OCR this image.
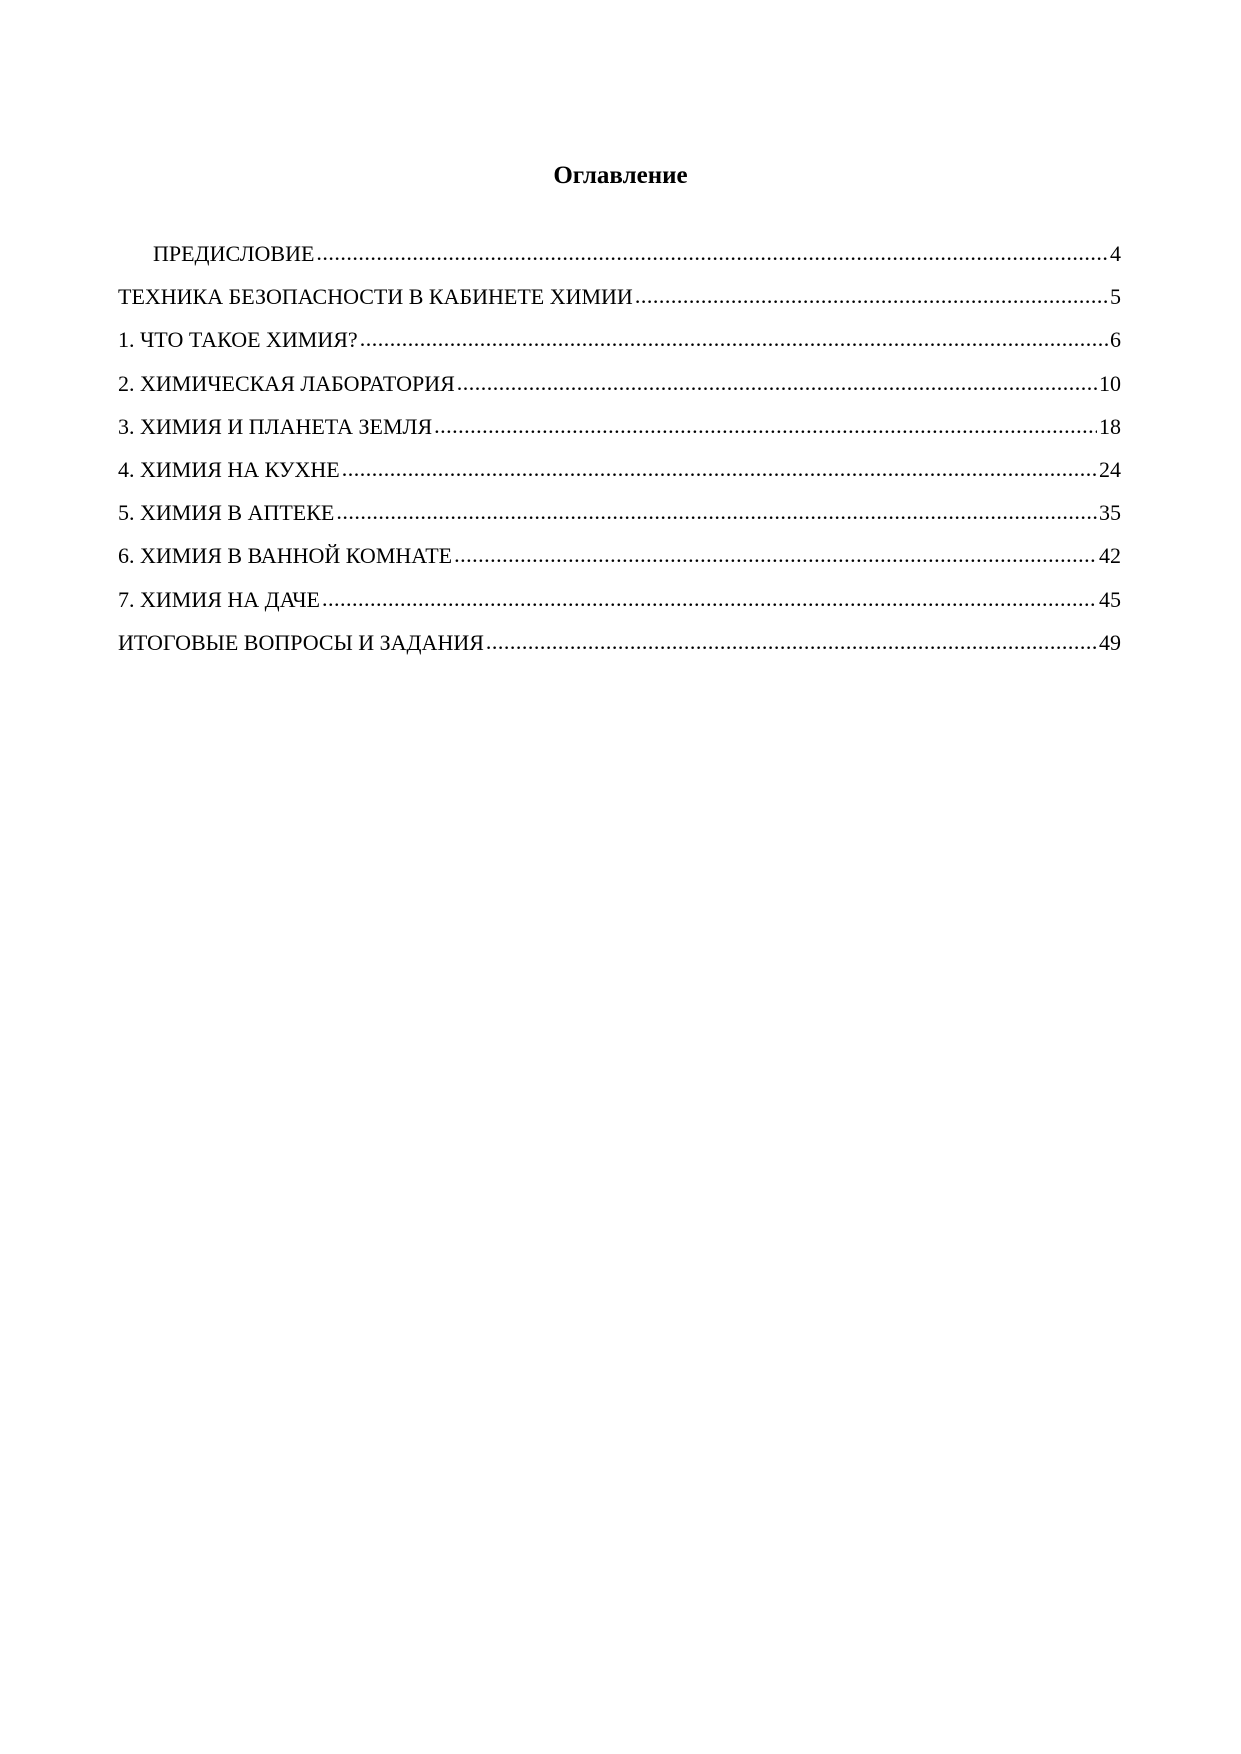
Оглавление
ПРЕДИСЛОВИЕ .....	4
ТЕХНИКА БЕЗОПАСНОСТИ В КАБИНЕТЕ ХИМИИ .....	5
1. ЧТО ТАКОЕ ХИМИЯ? .....	6
2. ХИМИЧЕСКАЯ ЛАБОРАТОРИЯ .....	10
3. ХИМИЯ И ПЛАНЕТА ЗЕМЛЯ .....	18
4. ХИМИЯ НА КУХНЕ .....	24
5. ХИМИЯ В АПТЕКЕ .....	35
6. ХИМИЯ В ВАННОЙ КОМНАТЕ .....	42
7. ХИМИЯ НА ДАЧЕ .....	45
ИТОГОВЫЕ ВОПРОСЫ И ЗАДАНИЯ .....	49
